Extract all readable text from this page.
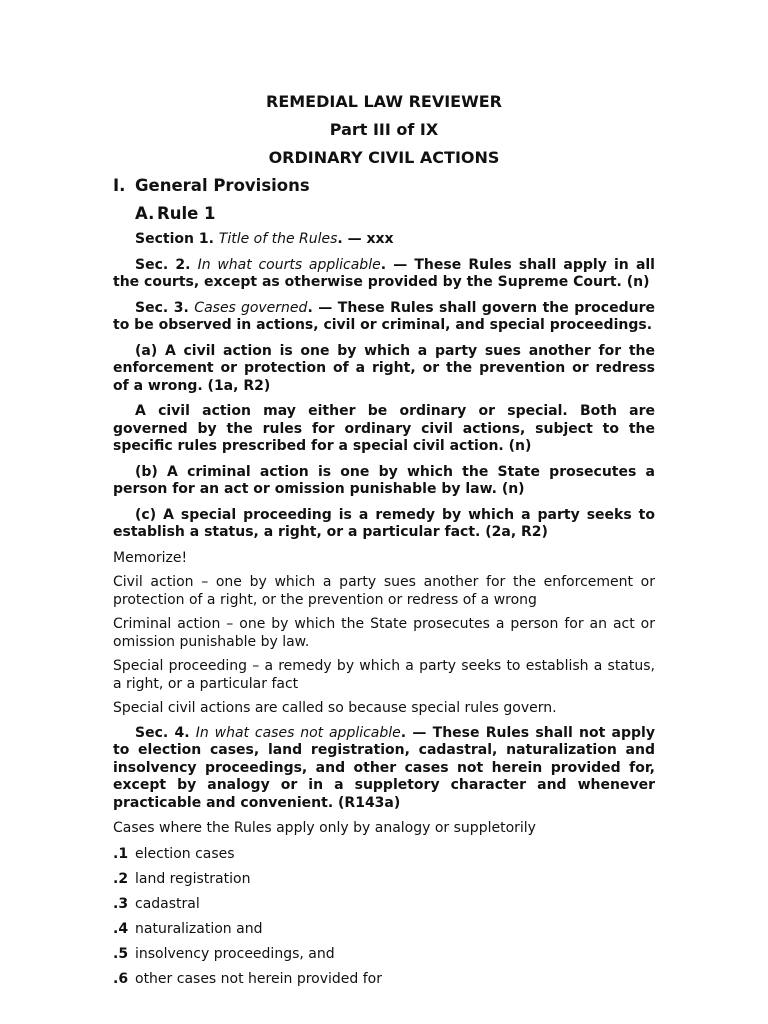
REMEDIAL LAW REVIEWER

Part III of IX

ORDINARY CIVIL ACTIONS

I. General Provisions
A. Rule 1

Section 1. Title of the Rules. — xxx

Sec. 2. In what courts applicable. — These Rules shall apply in all the courts, except as otherwise provided by the Supreme Court. (n)

Sec. 3. Cases governed. — These Rules shall govern the procedure to be observed in actions, civil or criminal, and special proceedings.

(a) A civil action is one by which a party sues another for the enforcement or protection of a right, or the prevention or redress of a wrong. (1a, R2)

A civil action may either be ordinary or special. Both are governed by the rules for ordinary civil actions, subject to the specific rules prescribed for a special civil action. (n)

(b) A criminal action is one by which the State prosecutes a person for an act or omission punishable by law. (n)

(c) A special proceeding is a remedy by which a party seeks to establish a status, a right, or a particular fact. (2a, R2)

Memorize!

Civil action – one by which a party sues another for the enforcement or protection of a right, or the prevention or redress of a wrong

Criminal action – one by which the State prosecutes a person for an act or omission punishable by law.

Special proceeding – a remedy by which a party seeks to establish a status, a right, or a particular fact

Special civil actions are called so because special rules govern.

Sec. 4. In what cases not applicable. — These Rules shall not apply to election cases, land registration, cadastral, naturalization and insolvency proceedings, and other cases not herein provided for, except by analogy or in a suppletory character and whenever practicable and convenient. (R143a)

Cases where the Rules apply only by analogy or suppletorily

.1 election cases
.2 land registration
.3 cadastral
.4 naturalization and
.5 insolvency proceedings, and
.6 other cases not herein provided for
